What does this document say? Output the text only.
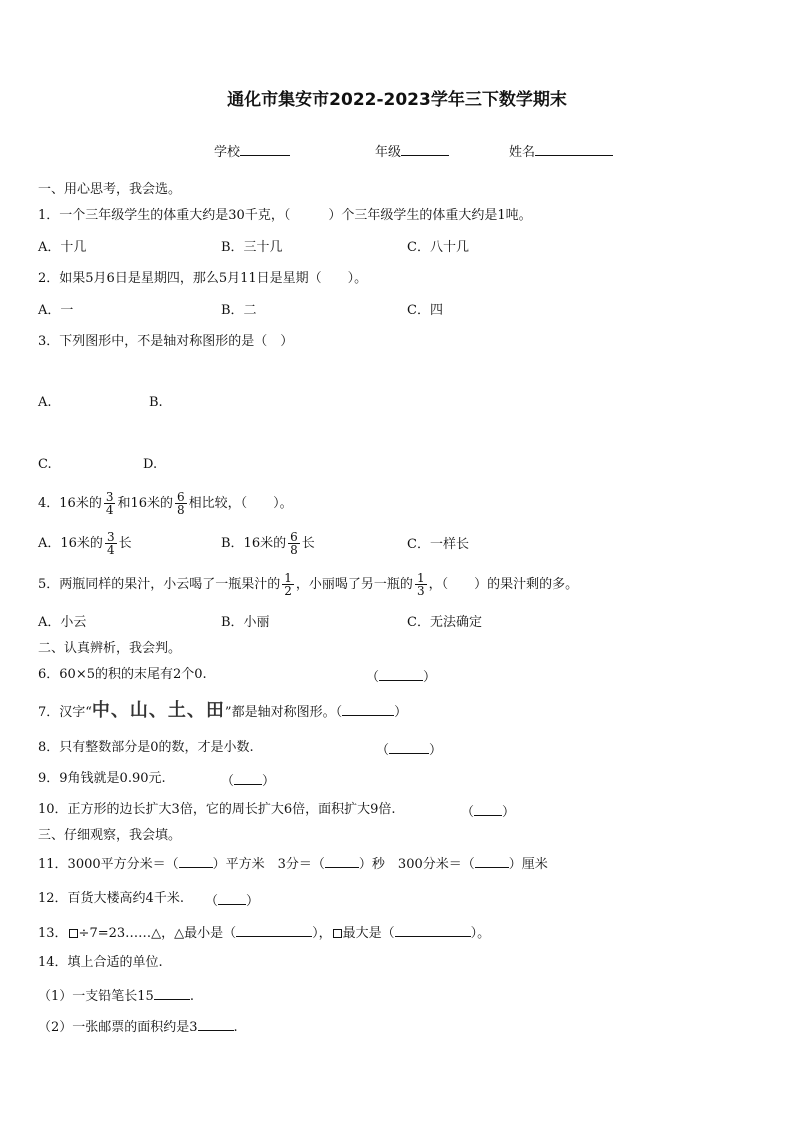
通化市集安市2022-2023学年三下数学期末
学校	年级	姓名
一、用心思考，我会选。
1．一个三年级学生的体重大约是30千克，（	）个三年级学生的体重大约是1吨。
A．十几	B．三十几	C．八十几
2．如果5月6日是星期四，那么5月11日是星期（　　）。
A．一	B．二	C．四
3．下列图形中，不是轴对称图形的是（　）
A.	B.
C.	D.
4．16米的 $\frac{3}{4}$ 和16米的 $\frac{6}{8}$ 相比较，（　　）。
A．16米的 $\frac{3}{4}$ 长	B．16米的 $\frac{6}{8}$ 长	C．一样长
5．两瓶同样的果汁，小云喝了一瓶果汁的 $\frac{1}{2}$ ，小丽喝了另一瓶的 $\frac{1}{3}$ ，（　　）的果汁剩的多。
A．小云	B．小丽	C．无法确定
二、认真辨析，我会判。
6．60×5的积的末尾有2个0.	（	）
7．汉字“中、山、土、田”都是轴对称图形。（	）
8．只有整数部分是0的数，才是小数.	（	）
9．9角钱就是0.90元.	（ ）
10．正方形的边长扩大3倍，它的周长扩大6倍，面积扩大9倍.	（ ）
三、仔细观察，我会填。
11．3000平方分米＝（	）平方米　3分＝（	）秒　300分米＝（	）厘米
12．百货大楼高约4千米. （ ）
13． ÷7=23……△，△最小是（	）， 最大是（	）。
14．填上合适的单位.
（1）一支铅笔长15	.
（2）一张邮票的面积约是3	.
